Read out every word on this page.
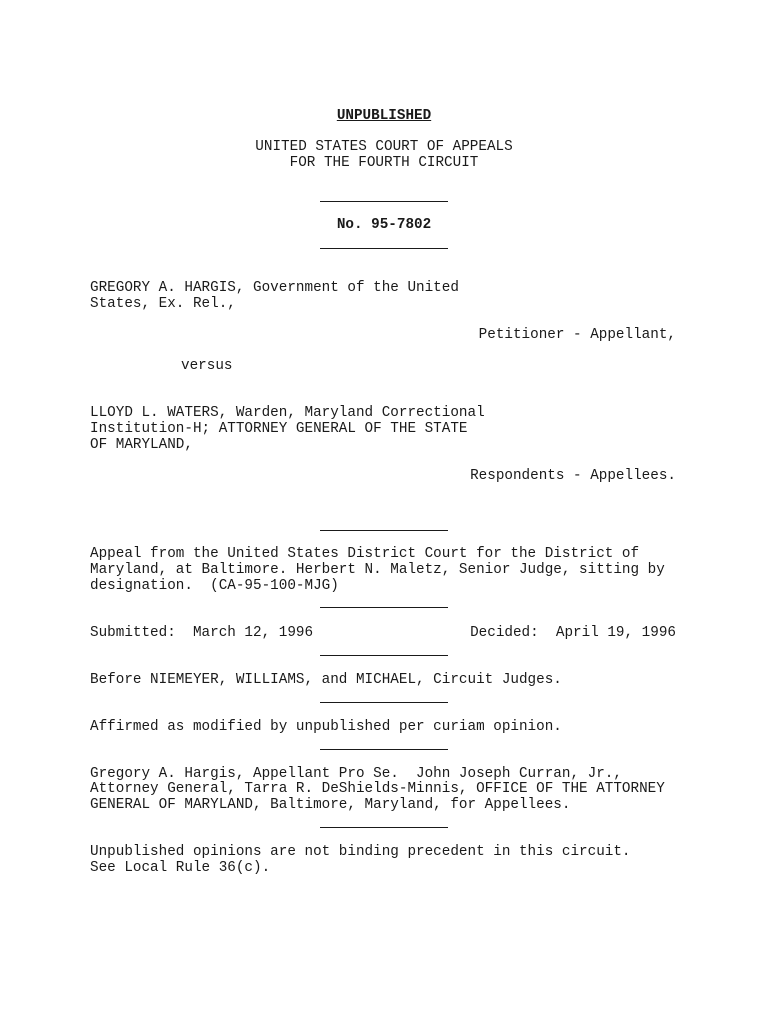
UNPUBLISHED
UNITED STATES COURT OF APPEALS
FOR THE FOURTH CIRCUIT
No. 95-7802
GREGORY A. HARGIS, Government of the United
States, Ex. Rel.,
Petitioner - Appellant,
versus
LLOYD L. WATERS, Warden, Maryland Correctional
Institution-H; ATTORNEY GENERAL OF THE STATE
OF MARYLAND,
Respondents - Appellees.
Appeal from the United States District Court for the District of
Maryland, at Baltimore. Herbert N. Maletz, Senior Judge, sitting by
designation.  (CA-95-100-MJG)
Submitted:  March 12, 1996	Decided:  April 19, 1996
Before NIEMEYER, WILLIAMS, and MICHAEL, Circuit Judges.
Affirmed as modified by unpublished per curiam opinion.
Gregory A. Hargis, Appellant Pro Se.  John Joseph Curran, Jr.,
Attorney General, Tarra R. DeShields-Minnis, OFFICE OF THE ATTORNEY
GENERAL OF MARYLAND, Baltimore, Maryland, for Appellees.
Unpublished opinions are not binding precedent in this circuit.
See Local Rule 36(c).
